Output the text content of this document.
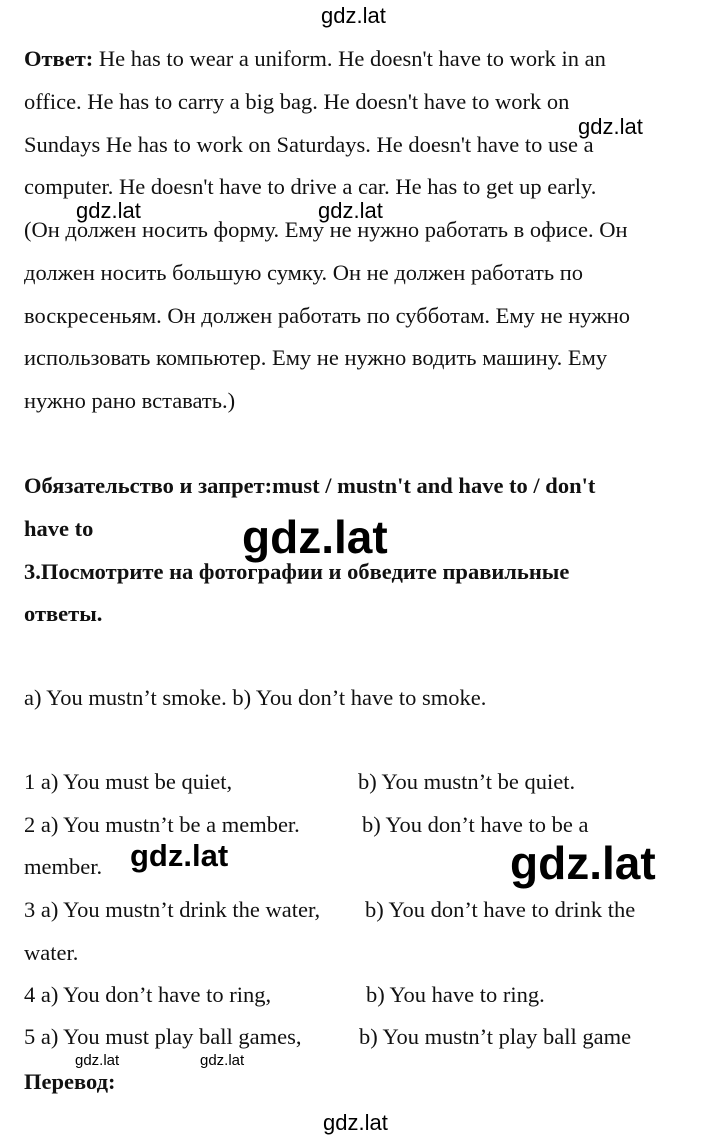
Ответ: He has to wear a uniform. He doesn't have to work in an
office. He has to carry a big bag. He doesn't have to work on
Sundays He has to work on Saturdays. He doesn't have to use a
computer. He doesn't have to drive a car. He has to get up early.
(Он должен носить форму. Ему не нужно работать в офисе. Он
должен носить большую сумку. Он не должен работать по
воскресеньям. Он должен работать по субботам. Ему не нужно
использовать компьютер. Ему не нужно водить машину. Ему
нужно рано вставать.)
Обязательство и запрет:must / mustn't and have to / don't
have to
3.Посмотрите на фотографии и обведите правильные
ответы.
a) You mustn’t smoke. b) You don’t have to smoke.
1 a) You must be quiet,	b) You mustn’t be quiet.
2 a) You mustn’t be a member.	b) You don’t have to be a
member.
3 a) You mustn’t drink the water, b) You don’t have to drink the
water.
4 a) You don’t have to ring,	b) You have to ring.
5 a) You must play ball games,	b) You mustn’t play ball game
Перевод:
gdz.lat
gdz.lat
gdz.lat	gdz.lat
gdz.lat
gdz.lat	gdz.lat
gdz.lat	gdz.lat
gdz.lat
